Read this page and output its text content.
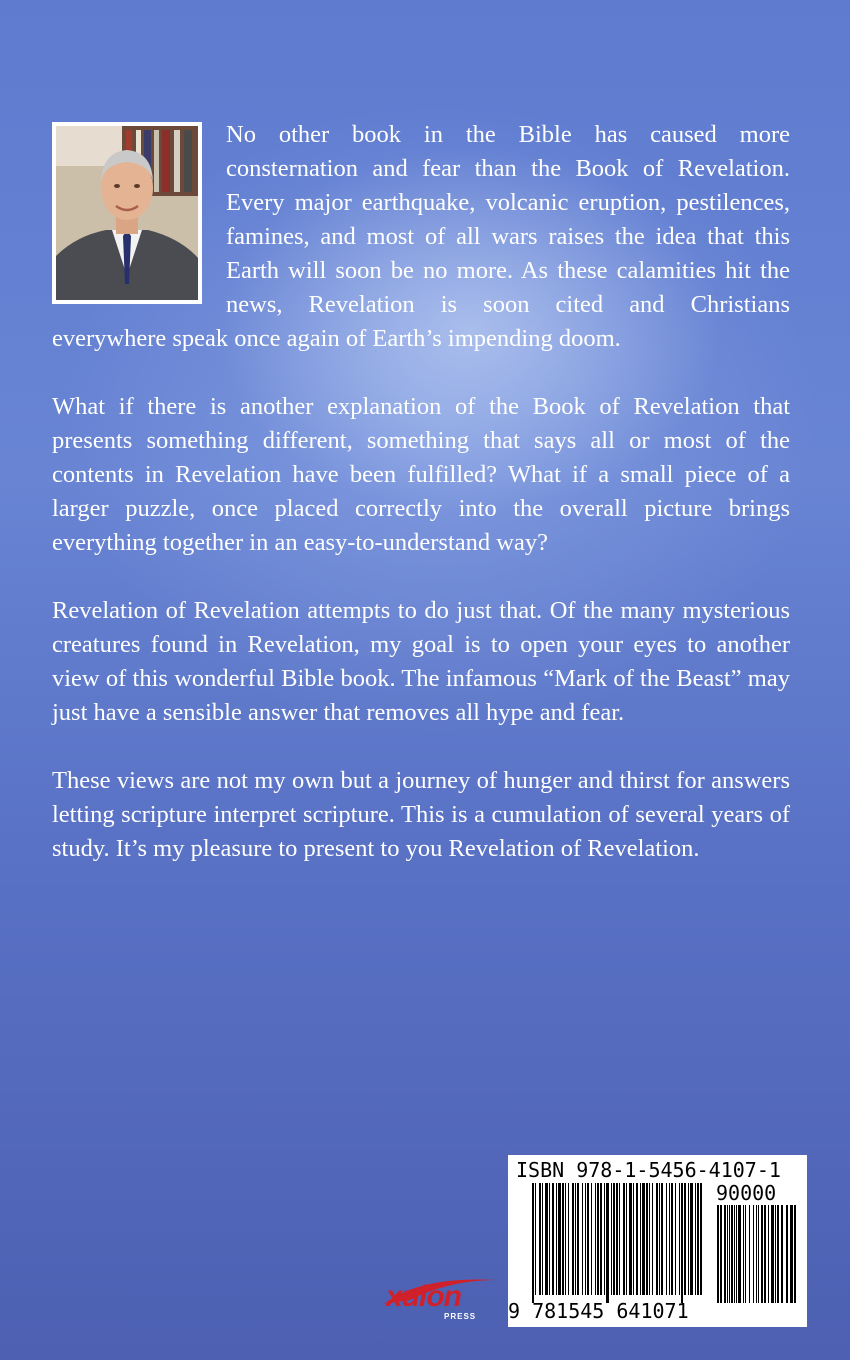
No other book in the Bible has caused more consternation and fear than the Book of Revelation. Every major earthquake, volcanic eruption, pestilences, famines, and most of all wars raises the idea that this Earth will soon be no more. As these calamities hit the news, Revelation is soon cited and Christians everywhere speak once again of Earth’s impending doom.

What if there is another explanation of the Book of Revelation that presents something different, something that says all or most of the contents in Revelation have been fulfilled? What if a small piece of a larger puzzle, once placed correctly into the overall picture brings everything together in an easy-to-understand way?

Revelation of Revelation attempts to do just that. Of the many mysterious creatures found in Revelation, my goal is to open your eyes to another view of this wonderful Bible book. The infamous “Mark of the Beast” may just have a sensible answer that removes all hype and fear.

These views are not my own but a journey of hunger and thirst for answers letting scripture interpret scripture. This is a cumulation of several years of study. It’s my pleasure to present to you Revelation of Revelation.

xulon
PRESS
ISBN 978-1-5456-4107-1
90000
9 781545 641071
